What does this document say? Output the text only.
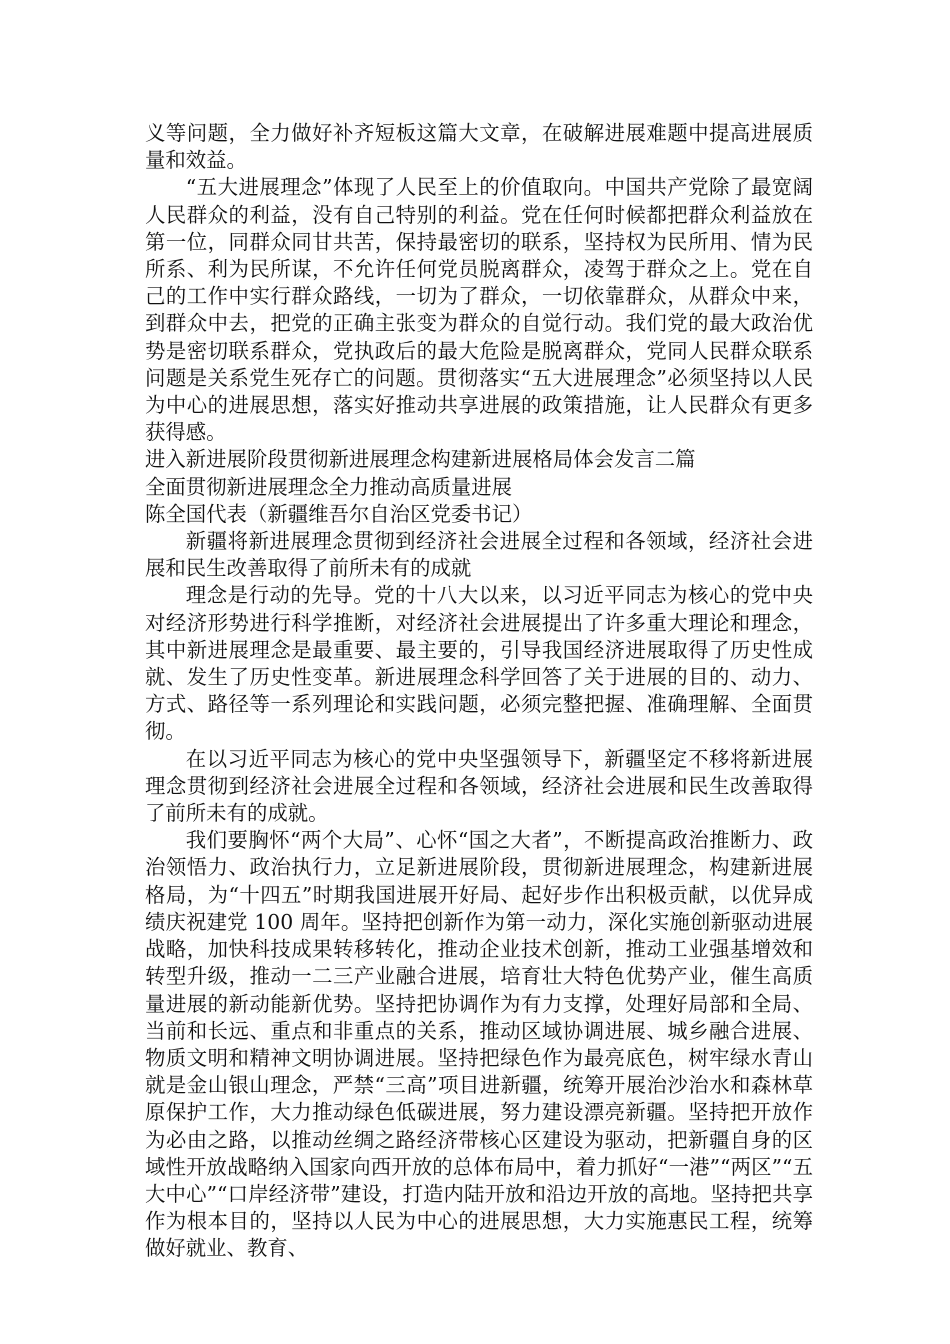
义等问题，全力做好补齐短板这篇大文章，在破解进展难题中提高进展质量和效益。

“五大进展理念”体现了人民至上的价值取向。中国共产党除了最宽阔人民群众的利益，没有自己特别的利益。党在任何时候都把群众利益放在第一位，同群众同甘共苦，保持最密切的联系，坚持权为民所用、情为民所系、利为民所谋，不允许任何党员脱离群众，凌驾于群众之上。党在自己的工作中实行群众路线，一切为了群众，一切依靠群众，从群众中来，到群众中去，把党的正确主张变为群众的自觉行动。我们党的最大政治优势是密切联系群众，党执政后的最大危险是脱离群众，党同人民群众联系问题是关系党生死存亡的问题。贯彻落实“五大进展理念”必须坚持以人民为中心的进展思想，落实好推动共享进展的政策措施，让人民群众有更多获得感。

进入新进展阶段贯彻新进展理念构建新进展格局体会发言二篇

全面贯彻新进展理念全力推动高质量进展

陈全国代表（新疆维吾尔自治区党委书记）

新疆将新进展理念贯彻到经济社会进展全过程和各领域，经济社会进展和民生改善取得了前所未有的成就

理念是行动的先导。党的十八大以来，以习近平同志为核心的党中央对经济形势进行科学推断，对经济社会进展提出了许多重大理论和理念，其中新进展理念是最重要、最主要的，引导我国经济进展取得了历史性成就、发生了历史性变革。新进展理念科学回答了关于进展的目的、动力、方式、路径等一系列理论和实践问题，必须完整把握、准确理解、全面贯彻。

在以习近平同志为核心的党中央坚强领导下，新疆坚定不移将新进展理念贯彻到经济社会进展全过程和各领域，经济社会进展和民生改善取得了前所未有的成就。

我们要胸怀“两个大局”、心怀“国之大者”，不断提高政治推断力、政治领悟力、政治执行力，立足新进展阶段，贯彻新进展理念，构建新进展格局，为“十四五”时期我国进展开好局、起好步作出积极贡献，以优异成绩庆祝建党 100 周年。坚持把创新作为第一动力，深化实施创新驱动进展战略，加快科技成果转移转化，推动企业技术创新，推动工业强基增效和转型升级，推动一二三产业融合进展，培育壮大特色优势产业，催生高质量进展的新动能新优势。坚持把协调作为有力支撑，处理好局部和全局、当前和长远、重点和非重点的关系，推动区域协调进展、城乡融合进展、物质文明和精神文明协调进展。坚持把绿色作为最亮底色，树牢绿水青山就是金山银山理念，严禁“三高”项目进新疆，统筹开展治沙治水和森林草原保护工作，大力推动绿色低碳进展，努力建设漂亮新疆。坚持把开放作为必由之路，以推动丝绸之路经济带核心区建设为驱动，把新疆自身的区域性开放战略纳入国家向西开放的总体布局中，着力抓好“一港”“两区”“五大中心”“口岸经济带”建设，打造内陆开放和沿边开放的高地。坚持把共享作为根本目的，坚持以人民为中心的进展思想，大力实施惠民工程，统筹做好就业、教育、
